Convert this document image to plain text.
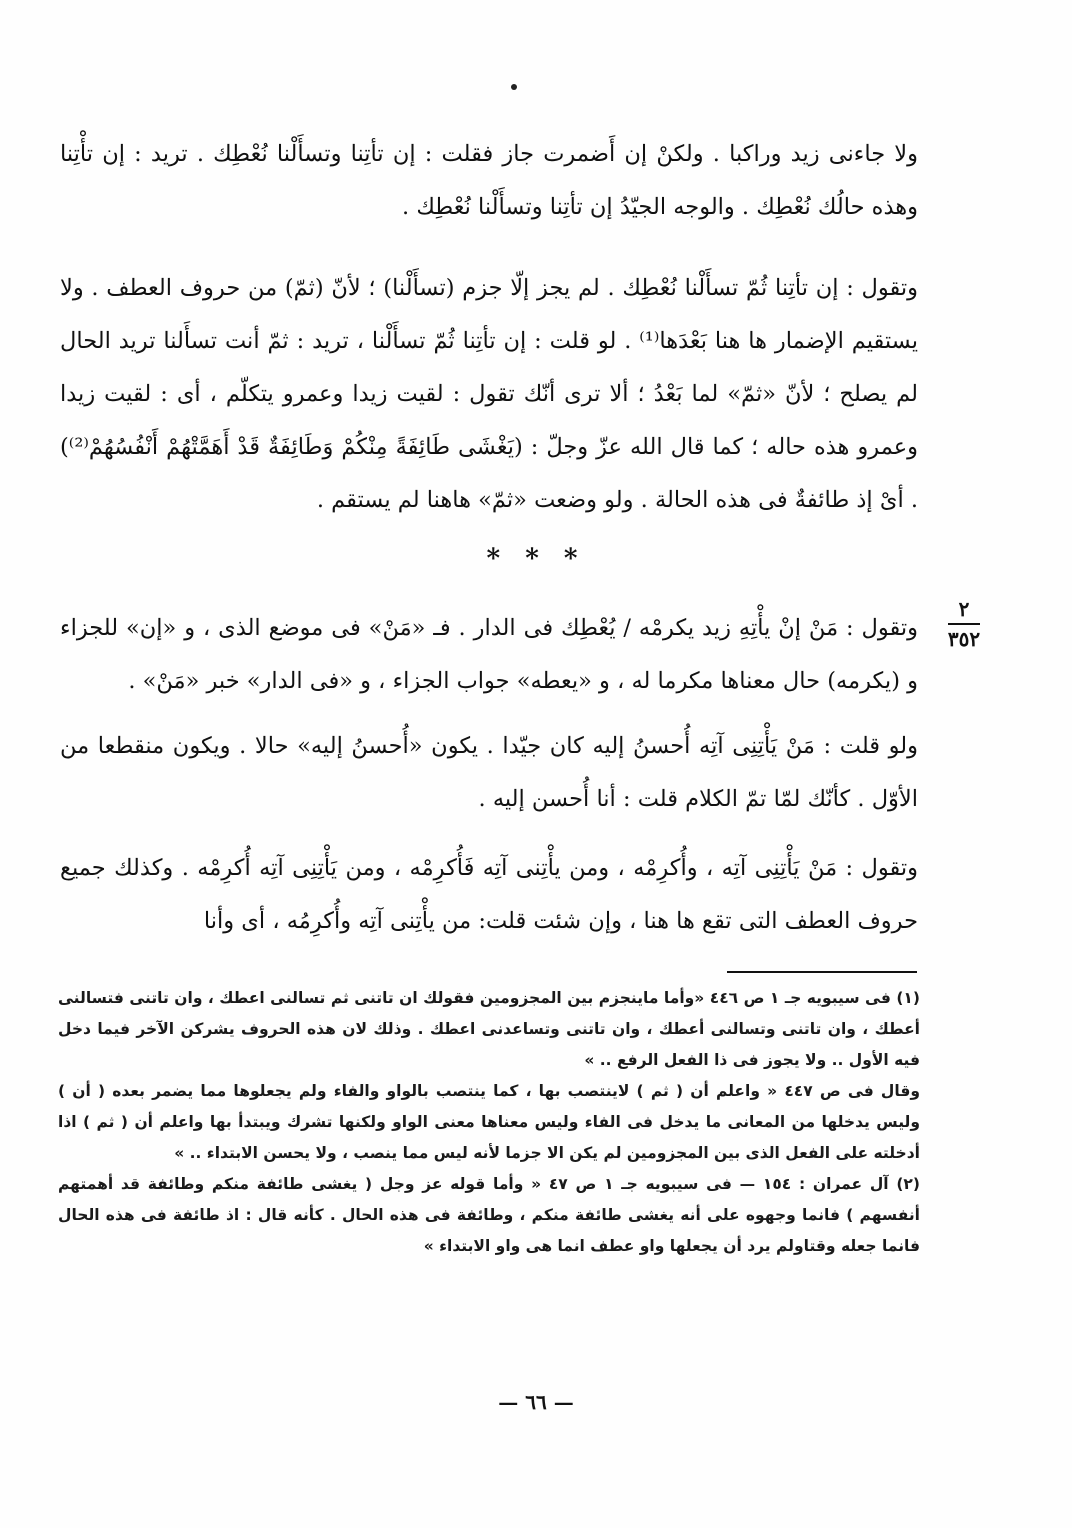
ولا جاءنى زيد وراكبا . ولكنْ إن أَضمرت جاز فقلت : إن تأتِنا وتسأَلْنا نُعْطِك . تريد : إن تأْتِنا وهذه حالُك نُعْطِك . والوجه الجيّدُ إن تأتِنا وتسأَلْنا نُعْطِك .

وتقول : إن تأتِنا ثُمّ تسأَلْنا نُعْطِك . لم يجز إلّا جزم (تسأَلْنا) ؛ لأنّ (ثمّ) من حروف العطف . ولا يستقيم الإضمار ها هنا بَعْدَها⁽¹⁾ . لو قلت : إن تأتِنا ثُمّ تسأَلْنا ، تريد : ثمّ أنت تسأَلنا تريد الحال لم يصلح ؛ لأنّ «ثمّ» لما بَعْدُ ؛ ألا ترى أنّك تقول : لقيت زيدا وعمرو يتكلّم ، أى : لقيت زيدا وعمرو هذه حاله ؛ كما قال الله عزّ وجلّ : (يَغْشَى طَائِفَةً مِنْكُمْ وَطَائِفَةٌ قَدْ أَهَمَّتْهُمْ أَنْفُسُهُمْ⁽²⁾) . أىْ إذ طائفةٌ فى هذه الحالة . ولو وضعت «ثمّ» هاهنا لم يستقم .

* * *
٢
٣٥٢

وتقول : مَنْ إنْ يأْتِهِ زيد يكرمْه / يُعْطِك فى الدار . فـ «مَنْ» فى موضع الذى ، و «إن» للجزاء و (يكرمه) حال معناها مكرما له ، و «يعطه» جواب الجزاء ، و «فى الدار» خبر «مَنْ» .

ولو قلت : مَنْ يَأْتِنِى آتِه أُحسنُ إليه كان جيّدا . يكون «أُحسنُ إليه» حالا . ويكون منقطعا من الأوّل . كأنّك لمّا تمّ الكلام قلت : أنا أُحسن إليه .

وتقول : مَنْ يَأْتِنِى آتِه ، وأُكرِمْه ، ومن يأْتِنى آتِه فَأُكرِمْه ، ومن يَأْتِنِى آتِه أُكرِمْه . وكذلك جميع حروف العطف التى تقع ها هنا ، وإن شئت قلت: من يأْتِنى آتِه وأُكرِمُه ، أى وأنا

(١) فى سيبويه جـ ١ ص ٤٤٦ «وأما ماينجزم بين المجزومين فقولك ان تاتنى ثم تسالنى اعطك ، وان تاتنى فتسالنى أعطك ، وان تاتنى وتسالنى أعطك ، وان تاتنى وتساعدنى اعطك . وذلك لان هذه الحروف يشركن الآخر فيما دخل فيه الأول .. ولا يجوز فى ذا الفعل الرفع .. »

وقال فى ص ٤٤٧ « واعلم أن ( ثم ) لاينتصب بها ، كما ينتصب بالواو والفاء ولم يجعلوها مما يضمر بعده ( أن ) وليس يدخلها من المعانى ما يدخل فى الفاء وليس معناها معنى الواو ولكنها تشرك ويبتدأ بها واعلم أن ( ثم ) اذا أدخلته على الفعل الذى بين المجزومين لم يكن الا جزما لأنه ليس مما ينصب ، ولا يحسن الابتداء .. »

(٢) آل عمران : ١٥٤ — فى سيبويه جـ ١ ص ٤٧ « وأما قوله عز وجل ( يغشى طائفة منكم وطائفة قد أهمتهم أنفسهم ) فانما وجهوه على أنه يغشى طائفة منكم ، وطائفة فى هذه الحال . كأنه قال : اذ طائفة فى هذه الحال فانما جعله وقتاولم يرد أن يجعلها واو عطف انما هى واو الابتداء »

— ٦٦ —
